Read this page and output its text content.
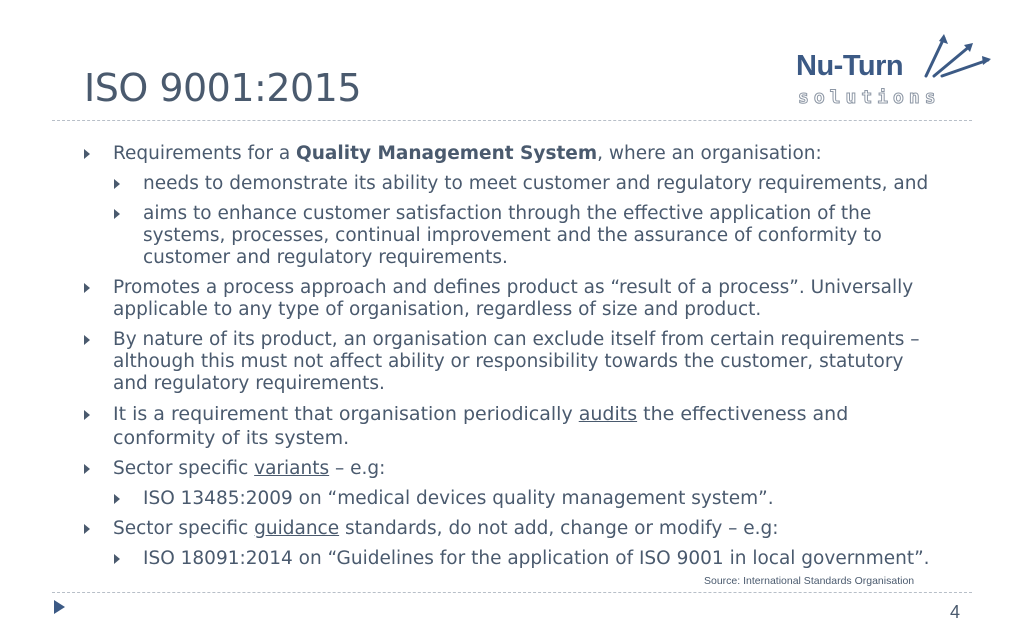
ISO 9001:2015	Nu-Turn
solutions
Requirements for a Quality Management System, where an organisation:
needs to demonstrate its ability to meet customer and regulatory requirements, and
aims to enhance customer satisfaction through the effective application of the
systems, processes, continual improvement and the assurance of conformity to
customer and regulatory requirements.
Promotes a process approach and defines product as “result of a process”. Universally
applicable to any type of organisation, regardless of size and product.
By nature of its product, an organisation can exclude itself from certain requirements –
although this must not affect ability or responsibility towards the customer, statutory
and regulatory requirements.
It is a requirement that organisation periodically audits the effectiveness and
conformity of its system.
Sector specific variants – e.g:
ISO 13485:2009 on “medical devices quality management system”.
Sector specific guidance standards, do not add, change or modify – e.g:
ISO 18091:2014 on “Guidelines for the application of ISO 9001 in local government”.
Source: International Standards Organisation
4
